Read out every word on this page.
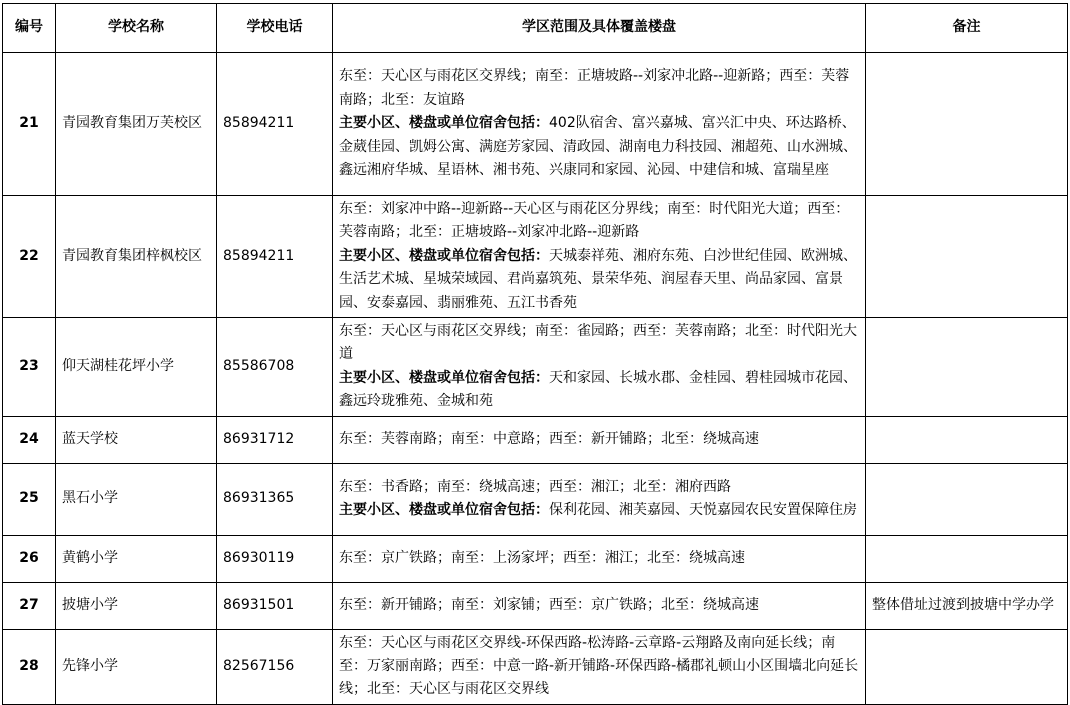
编号	学校名称	学校电话	学区范围及具体覆盖楼盘	备注
21	青园教育集团万芙校区	85894211	东至：天心区与雨花区交界线；南至：正塘坡路--刘家冲北路--迎新路；西至：芙蓉南路；北至：友谊路
主要小区、楼盘或单位宿舍包括：402队宿舍、富兴嘉城、富兴汇中央、环达路桥、金葳佳园、凯姆公寓、满庭芳家园、清政园、湖南电力科技园、湘超苑、山水洲城、鑫远湘府华城、星语林、湘书苑、兴康同和家园、沁园、中建信和城、富瑞星座	

22	青园教育集团梓枫校区	85894211	东至：刘家冲中路--迎新路--天心区与雨花区分界线；南至：时代阳光大道；西至：芙蓉南路；北至：正塘坡路--刘家冲北路--迎新路
主要小区、楼盘或单位宿舍包括：天城泰祥苑、湘府东苑、白沙世纪佳园、欧洲城、生活艺术城、星城荣域园、君尚嘉筑苑、景荣华苑、润屋春天里、尚品家园、富景园、安泰嘉园、翡丽雅苑、五江书香苑	

23	仰天湖桂花坪小学	85586708	东至：天心区与雨花区交界线；南至：雀园路；西至：芙蓉南路；北至：时代阳光大道
主要小区、楼盘或单位宿舍包括：天和家园、长城水郡、金桂园、碧桂园城市花园、鑫远玲珑雅苑、金城和苑	

24	蓝天学校	86931712	东至：芙蓉南路；南至：中意路；西至：新开铺路；北至：绕城高速	

25	黑石小学	86931365	东至：书香路；南至：绕城高速；西至：湘江；北至：湘府西路
主要小区、楼盘或单位宿舍包括：保利花园、湘芙嘉园、天悦嘉园农民安置保障住房	

26	黄鹤小学	86930119	东至：京广铁路；南至：上汤家坪；西至：湘江；北至：绕城高速	

27	披塘小学	86931501	东至：新开铺路；南至：刘家铺；西至：京广铁路；北至：绕城高速	整体借址过渡到披塘中学办学
28	先锋小学	82567156	东至：天心区与雨花区交界线-环保西路-松涛路-云章路-云翔路及南向延长线；南至：万家丽南路；西至：中意一路-新开铺路-环保西路-橘郡礼顿山小区围墙北向延长线；北至：天心区与雨花区交界线	
